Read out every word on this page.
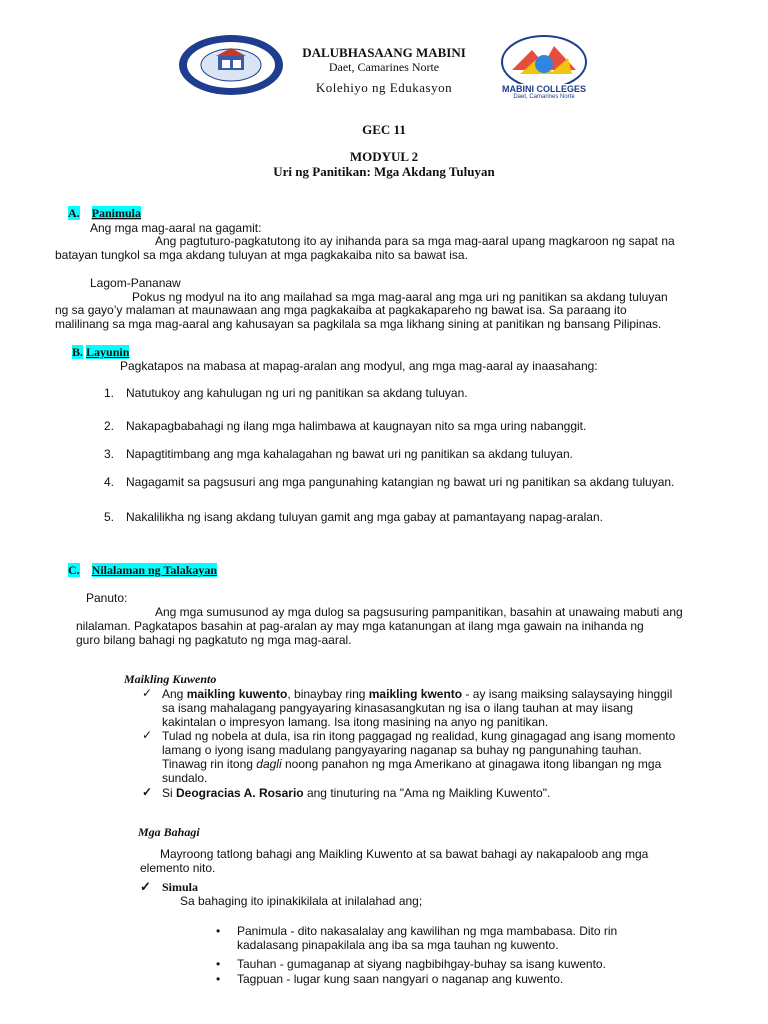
DALUBHASAANG MABINI
Daet, Camarines Norte
Kolehiyo ng Edukasyon	MABINI COLLEGES
Daet, Camarines Norte
GEC 11
MODYUL 2
Uri ng Panitikan: Mga Akdang Tuluyan
A. Panimula
Ang mga mag-aaral na gagamit:
Ang pagtuturo-pagkatutong ito ay inihanda para sa mga mag-aaral upang magkaroon ng sapat na
batayan tungkol sa mga akdang tuluyan at mga pagkakaiba nito sa bawat isa.
Lagom-Pananaw
Pokus ng modyul na ito ang mailahad sa mga mag-aaral ang mga uri ng panitikan sa akdang tuluyan
ng sa gayo’y malaman at maunawaan ang mga pagkakaiba at pagkakapareho ng bawat isa. Sa paraang ito
malilinang sa mga mag-aaral ang kahusayan sa pagkilala sa mga likhang sining at panitikan ng bansang Pilipinas.
B. Layunin
Pagkatapos na mabasa at mapag-aralan ang modyul, ang mga mag-aaral ay inaasahang:
1. Natutukoy ang kahulugan ng uri ng panitikan sa akdang tuluyan.
2. Nakapagbabahagi ng ilang mga halimbawa at kaugnayan nito sa mga uring nabanggit.
3. Napagtitimbang ang mga kahalagahan ng bawat uri ng panitikan sa akdang tuluyan.
4. Nagagamit sa pagsusuri ang mga pangunahing katangian ng bawat uri ng panitikan sa akdang tuluyan.
5. Nakalilikha ng isang akdang tuluyan gamit ang mga gabay at pamantayang napag-aralan.
C. Nilalaman ng Talakayan
Panuto:
Ang mga sumusunod ay mga dulog sa pagsusuring pampanitikan, basahin at unawaing mabuti ang
nilalaman. Pagkatapos basahin at pag-aralan ay may mga katanungan at ilang mga gawain na inihanda ng
guro bilang bahagi ng pagkatuto ng mga mag-aaral.
Maikling Kuwento
✓ Ang maikling kuwento, binaybay ring maikling kwento - ay isang maiksing salaysaying hinggil
sa isang mahalagang pangyayaring kinasasangkutan ng isa o ilang tauhan at may iisang
kakintalan o impresyon lamang. Isa itong masining na anyo ng panitikan.
✓ Tulad ng nobela at dula, isa rin itong paggagad ng realidad, kung ginagagad ang isang momento
lamang o iyong isang madulang pangyayaring naganap sa buhay ng pangunahing tauhan.
Tinawag rin itong dagli noong panahon ng mga Amerikano at ginagawa itong libangan ng mga
sundalo.
✓ Si Deogracias A. Rosario ang tinuturing na "Ama ng Maikling Kuwento".
Mga Bahagi
Mayroong tatlong bahagi ang Maikling Kuwento at sa bawat bahagi ay nakapaloob ang mga
elemento nito.
✓ Simula
Sa bahaging ito ipinakikilala at inilalahad ang;
• Panimula - dito nakasalalay ang kawilihan ng mga mambabasa. Dito rin
kadalasang pinapakilala ang iba sa mga tauhan ng kuwento.
• Tauhan - gumaganap at siyang nagbibihgay-buhay sa isang kuwento.
• Tagpuan - lugar kung saan nangyari o naganap ang kuwento.
